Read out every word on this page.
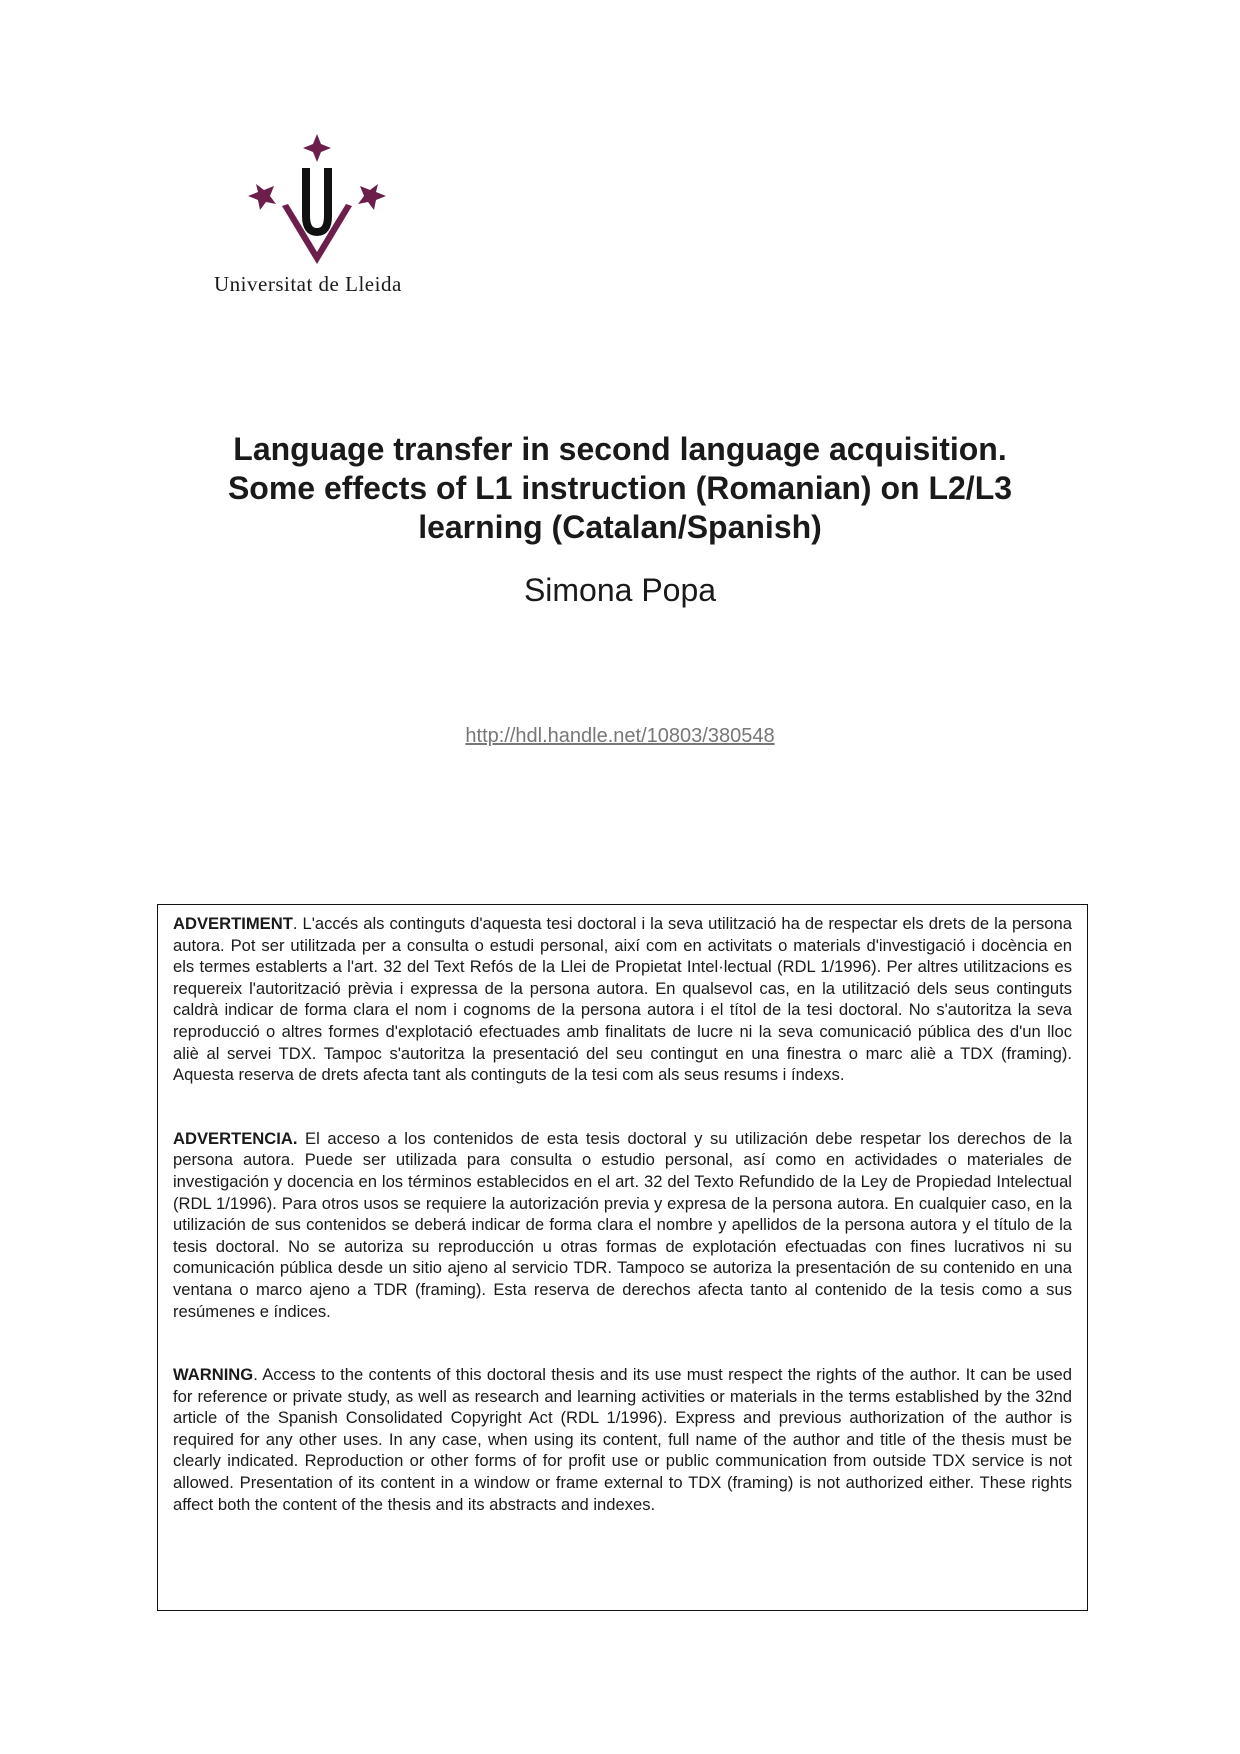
Universitat de Lleida
Language transfer in second language acquisition.
Some effects of L1 instruction (Romanian) on L2/L3
learning (Catalan/Spanish)
Simona Popa
http://hdl.handle.net/10803/380548

ADVERTIMENT. L'accés als continguts d'aquesta tesi doctoral i la seva utilització ha de respectar els drets de la persona autora. Pot ser utilitzada per a consulta o estudi personal, així com en activitats o materials d'investigació i docència en els termes establerts a l'art. 32 del Text Refós de la Llei de Propietat Intel·lectual (RDL 1/1996). Per altres utilitzacions es requereix l'autorització prèvia i expressa de la persona autora. En qualsevol cas, en la utilització dels seus continguts caldrà indicar de forma clara el nom i cognoms de la persona autora i el títol de la tesi doctoral. No s'autoritza la seva reproducció o altres formes d'explotació efectuades amb finalitats de lucre ni la seva comunicació pública des d'un lloc aliè al servei TDX. Tampoc s'autoritza la presentació del seu contingut en una finestra o marc aliè a TDX (framing). Aquesta reserva de drets afecta tant als continguts de la tesi com als seus resums i índexs.

ADVERTENCIA. El acceso a los contenidos de esta tesis doctoral y su utilización debe respetar los derechos de la persona autora. Puede ser utilizada para consulta o estudio personal, así como en actividades o materiales de investigación y docencia en los términos establecidos en el art. 32 del Texto Refundido de la Ley de Propiedad Intelectual (RDL 1/1996). Para otros usos se requiere la autorización previa y expresa de la persona autora. En cualquier caso, en la utilización de sus contenidos se deberá indicar de forma clara el nombre y apellidos de la persona autora y el título de la tesis doctoral. No se autoriza su reproducción u otras formas de explotación efectuadas con fines lucrativos ni su comunicación pública desde un sitio ajeno al servicio TDR. Tampoco se autoriza la presentación de su contenido en una ventana o marco ajeno a TDR (framing). Esta reserva de derechos afecta tanto al contenido de la tesis como a sus resúmenes e índices.

WARNING. Access to the contents of this doctoral thesis and its use must respect the rights of the author. It can be used for reference or private study, as well as research and learning activities or materials in the terms established by the 32nd article of the Spanish Consolidated Copyright Act (RDL 1/1996). Express and previous authorization of the author is required for any other uses. In any case, when using its content, full name of the author and title of the thesis must be clearly indicated. Reproduction or other forms of for profit use or public communication from outside TDX service is not allowed. Presentation of its content in a window or frame external to TDX (framing) is not authorized either. These rights affect both the content of the thesis and its abstracts and indexes.
